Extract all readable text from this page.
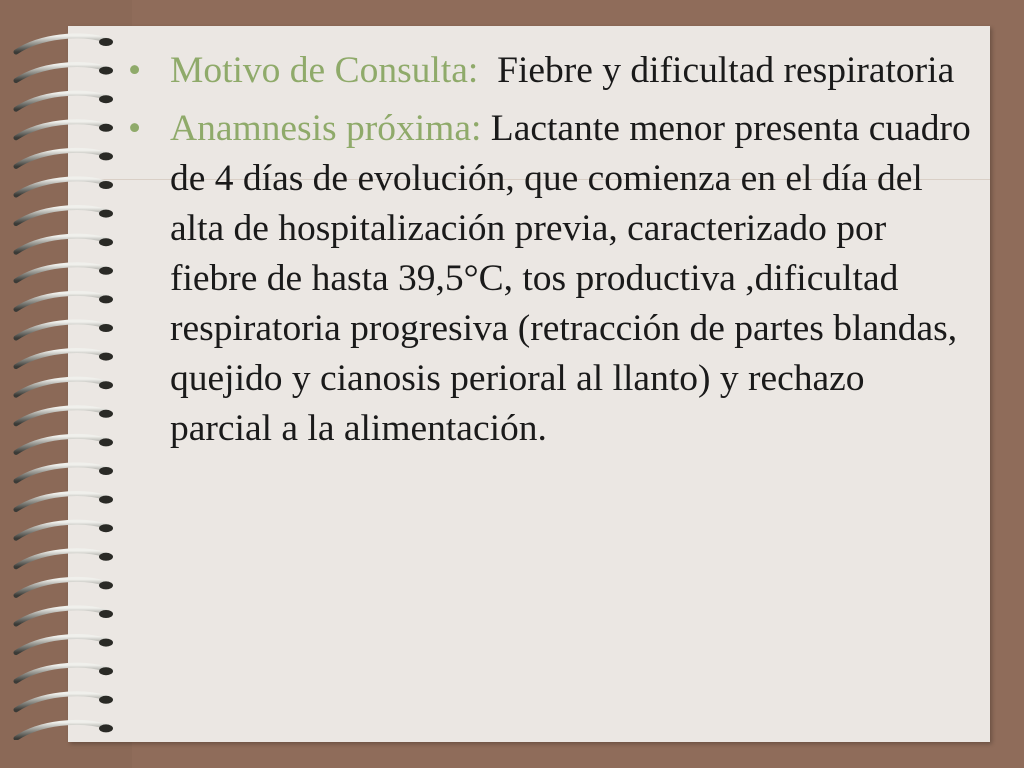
• Motivo de Consulta:  Fiebre y dificultad respiratoria
• Anamnesis próxima: Lactante menor presenta cuadro de 4 días de evolución, que comienza en el día del alta de hospitalización previa, caracterizado por fiebre de hasta 39,5°C, tos productiva ,dificultad respiratoria progresiva (retracción de partes blandas, quejido y cianosis perioral al llanto) y rechazo parcial a la alimentación.
